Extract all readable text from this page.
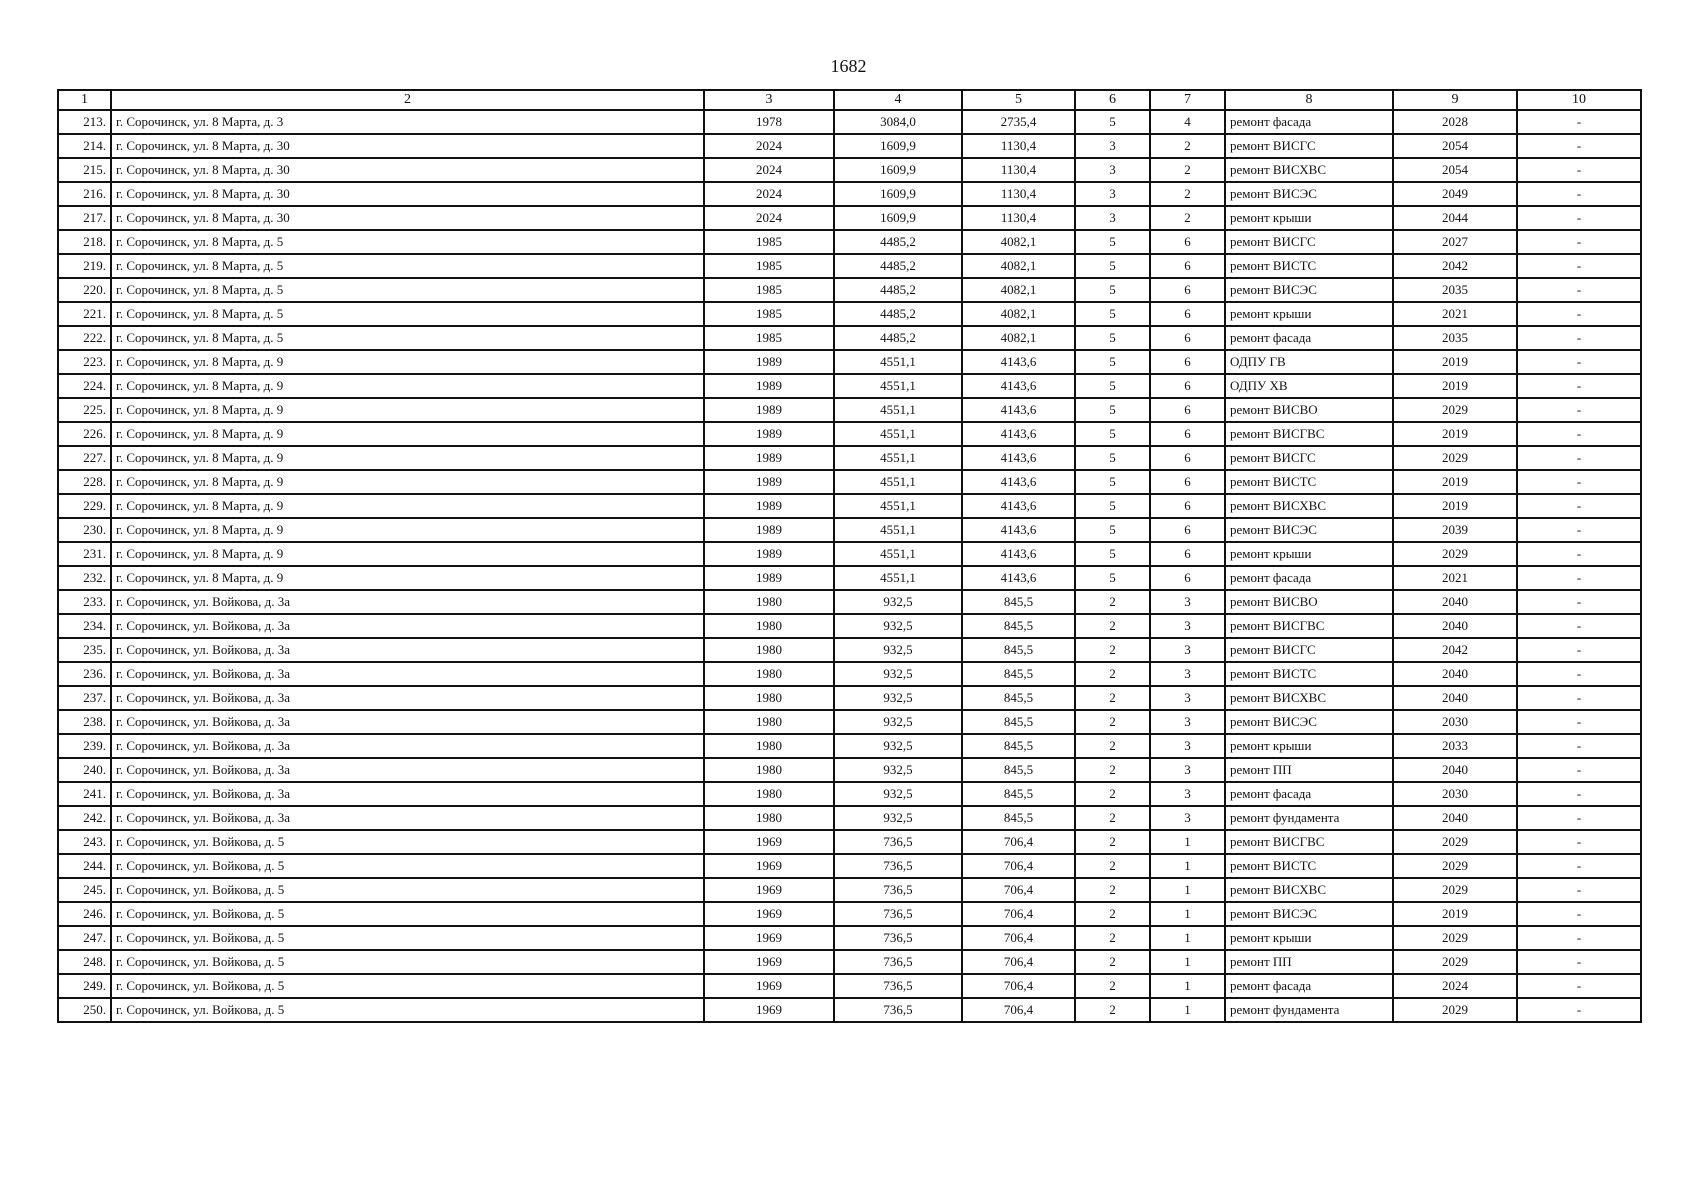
1682
1	2	3	4	5	6	7	8	9	10
213.	г. Сорочинск, ул. 8 Марта, д. 3	1978	3084,0	2735,4	5	4	ремонт фасада	2028	-
214.	г. Сорочинск, ул. 8 Марта, д. 30	2024	1609,9	1130,4	3	2	ремонт ВИСГС	2054	-
215.	г. Сорочинск, ул. 8 Марта, д. 30	2024	1609,9	1130,4	3	2	ремонт ВИСХВС	2054	-
216.	г. Сорочинск, ул. 8 Марта, д. 30	2024	1609,9	1130,4	3	2	ремонт ВИСЭС	2049	-
217.	г. Сорочинск, ул. 8 Марта, д. 30	2024	1609,9	1130,4	3	2	ремонт крыши	2044	-
218.	г. Сорочинск, ул. 8 Марта, д. 5	1985	4485,2	4082,1	5	6	ремонт ВИСГС	2027	-
219.	г. Сорочинск, ул. 8 Марта, д. 5	1985	4485,2	4082,1	5	6	ремонт ВИСТС	2042	-
220.	г. Сорочинск, ул. 8 Марта, д. 5	1985	4485,2	4082,1	5	6	ремонт ВИСЭС	2035	-
221.	г. Сорочинск, ул. 8 Марта, д. 5	1985	4485,2	4082,1	5	6	ремонт крыши	2021	-
222.	г. Сорочинск, ул. 8 Марта, д. 5	1985	4485,2	4082,1	5	6	ремонт фасада	2035	-
223.	г. Сорочинск, ул. 8 Марта, д. 9	1989	4551,1	4143,6	5	6	ОДПУ ГВ	2019	-
224.	г. Сорочинск, ул. 8 Марта, д. 9	1989	4551,1	4143,6	5	6	ОДПУ ХВ	2019	-
225.	г. Сорочинск, ул. 8 Марта, д. 9	1989	4551,1	4143,6	5	6	ремонт ВИСВО	2029	-
226.	г. Сорочинск, ул. 8 Марта, д. 9	1989	4551,1	4143,6	5	6	ремонт ВИСГВС	2019	-
227.	г. Сорочинск, ул. 8 Марта, д. 9	1989	4551,1	4143,6	5	6	ремонт ВИСГС	2029	-
228.	г. Сорочинск, ул. 8 Марта, д. 9	1989	4551,1	4143,6	5	6	ремонт ВИСТС	2019	-
229.	г. Сорочинск, ул. 8 Марта, д. 9	1989	4551,1	4143,6	5	6	ремонт ВИСХВС	2019	-
230.	г. Сорочинск, ул. 8 Марта, д. 9	1989	4551,1	4143,6	5	6	ремонт ВИСЭС	2039	-
231.	г. Сорочинск, ул. 8 Марта, д. 9	1989	4551,1	4143,6	5	6	ремонт крыши	2029	-
232.	г. Сорочинск, ул. 8 Марта, д. 9	1989	4551,1	4143,6	5	6	ремонт фасада	2021	-
233.	г. Сорочинск, ул. Войкова, д. 3а	1980	932,5	845,5	2	3	ремонт ВИСВО	2040	-
234.	г. Сорочинск, ул. Войкова, д. 3а	1980	932,5	845,5	2	3	ремонт ВИСГВС	2040	-
235.	г. Сорочинск, ул. Войкова, д. 3а	1980	932,5	845,5	2	3	ремонт ВИСГС	2042	-
236.	г. Сорочинск, ул. Войкова, д. 3а	1980	932,5	845,5	2	3	ремонт ВИСТС	2040	-
237.	г. Сорочинск, ул. Войкова, д. 3а	1980	932,5	845,5	2	3	ремонт ВИСХВС	2040	-
238.	г. Сорочинск, ул. Войкова, д. 3а	1980	932,5	845,5	2	3	ремонт ВИСЭС	2030	-
239.	г. Сорочинск, ул. Войкова, д. 3а	1980	932,5	845,5	2	3	ремонт крыши	2033	-
240.	г. Сорочинск, ул. Войкова, д. 3а	1980	932,5	845,5	2	3	ремонт ПП	2040	-
241.	г. Сорочинск, ул. Войкова, д. 3а	1980	932,5	845,5	2	3	ремонт фасада	2030	-
242.	г. Сорочинск, ул. Войкова, д. 3а	1980	932,5	845,5	2	3	ремонт фундамента	2040	-
243.	г. Сорочинск, ул. Войкова, д. 5	1969	736,5	706,4	2	1	ремонт ВИСГВС	2029	-
244.	г. Сорочинск, ул. Войкова, д. 5	1969	736,5	706,4	2	1	ремонт ВИСТС	2029	-
245.	г. Сорочинск, ул. Войкова, д. 5	1969	736,5	706,4	2	1	ремонт ВИСХВС	2029	-
246.	г. Сорочинск, ул. Войкова, д. 5	1969	736,5	706,4	2	1	ремонт ВИСЭС	2019	-
247.	г. Сорочинск, ул. Войкова, д. 5	1969	736,5	706,4	2	1	ремонт крыши	2029	-
248.	г. Сорочинск, ул. Войкова, д. 5	1969	736,5	706,4	2	1	ремонт ПП	2029	-
249.	г. Сорочинск, ул. Войкова, д. 5	1969	736,5	706,4	2	1	ремонт фасада	2024	-
250.	г. Сорочинск, ул. Войкова, д. 5	1969	736,5	706,4	2	1	ремонт фундамента	2029	-
